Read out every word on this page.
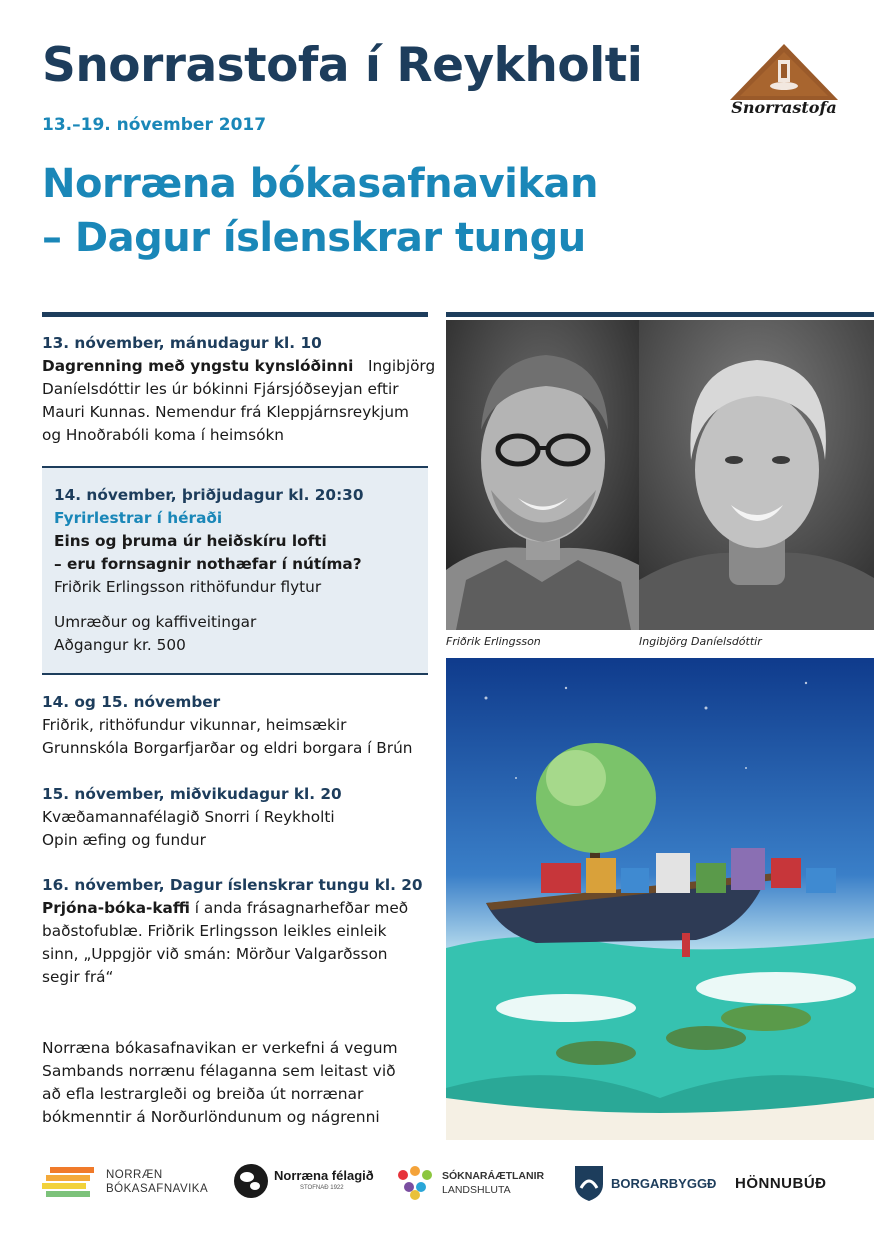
Snorrastofa í Reykholti
13.–19. nóvember 2017
Norræna bókasafnavikan
– Dagur íslenskrar tungu
Snorrastofa
13. nóvember, mánudagur kl. 10
Dagrenning með yngstu kynslóðinni Ingibjörg
Daníelsdóttir les úr bókinni Fjársjóðseyjan eftir
Mauri Kunnas. Nemendur frá Kleppjárnsreykjum
og Hnoðrabóli koma í heimsókn
14. nóvember, þriðjudagur kl. 20:30
Fyrirlestrar í héraði
Eins og þruma úr heiðskíru lofti
– eru fornsagnir nothæfar í nútíma?
Friðrik Erlingsson rithöfundur flytur
Umræður og kaffiveitingar
Aðgangur kr. 500
14. og 15. nóvember
Friðrik, rithöfundur vikunnar, heimsækir
Grunnskóla Borgarfjarðar og eldri borgara í Brún
15. nóvember, miðvikudagur kl. 20
Kvæðamannafélagið Snorri í Reykholti
Opin æfing og fundur
16. nóvember, Dagur íslenskrar tungu kl. 20
Prjóna-bóka-kaffi í anda frásagnarhefðar með
baðstofublæ. Friðrik Erlingsson leikles einleik
sinn, „Uppgjör við smán: Mörður Valgarðsson
segir frá“
Norræna bókasafnavikan er verkefni á vegum
Sambands norrænu félaganna sem leitast við
að efla lestrargleði og breiða út norrænar
bókmenntir á Norðurlöndunum og nágrenni
Friðrik Erlingsson	Ingibjörg Daníelsdóttir
NORRÆN
BÓKASAFNAVIKA
Norræna félagið
STOFNAÐ 1922
SÓKNARÁÆTLANIR
LANDSHLUTA	BORGARBYGGÐ HÖNNUBÚÐ
